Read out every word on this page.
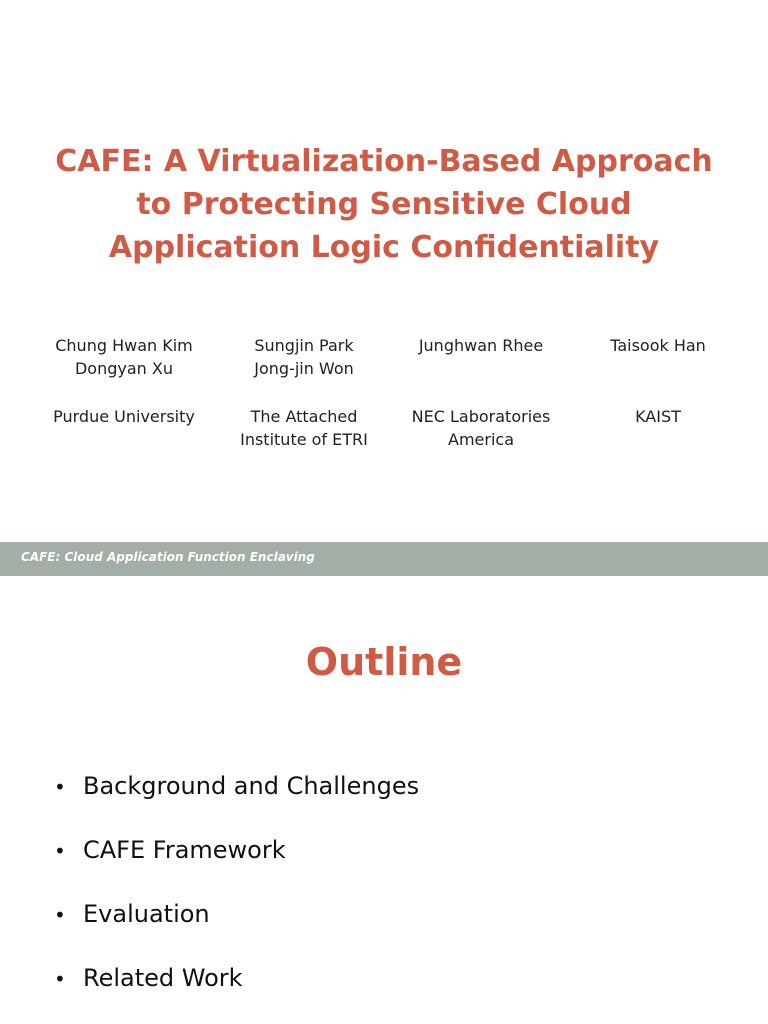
CAFE: A Virtualization-Based Approach
to Protecting Sensitive Cloud
Application Logic Confidentiality
Chung Hwan Kim
Dongyan Xu
Purdue University
Sungjin Park
Jong-jin Won
The Attached
Institute of ETRI
Junghwan Rhee
NEC Laboratories
America
Taisook Han
KAIST
CAFE: Cloud Application Function Enclaving
Outline
• Background and Challenges
• CAFE Framework
• Evaluation
• Related Work
